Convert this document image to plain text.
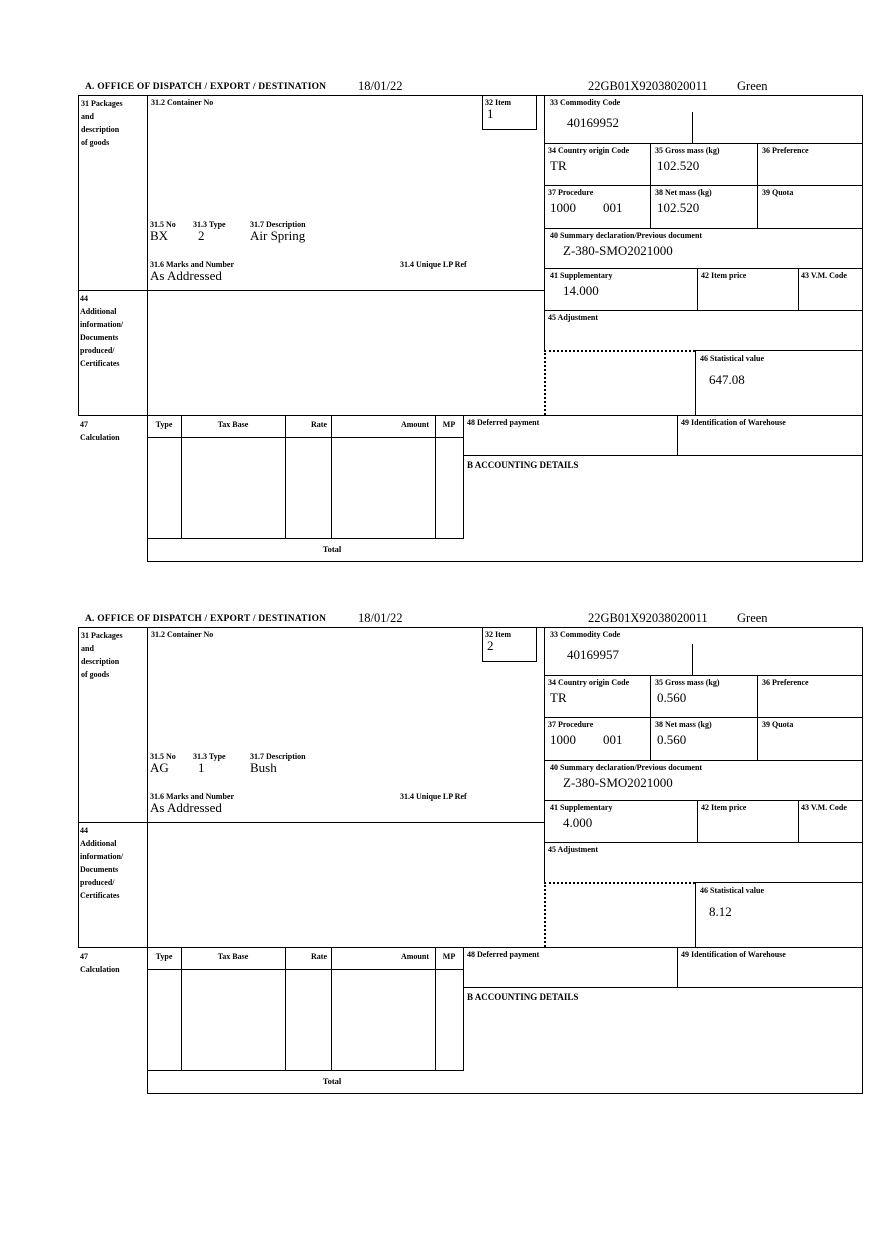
A. OFFICE OF DISPATCH / EXPORT / DESTINATION	18/01/22	22GB01X92038020011 Green
31 Packages
and
description
of goods
31.2 Container No	32 Item
1
33 Commodity Code
40169952
34 Country origin Code
TR
35 Gross mass (kg)
102.520
36 Preference
37 Procedure
1000 001
38 Net mass (kg)
102.520
39 Quota
31.5 No 31.3 Type	31.7 Description
BX 2	Air Spring
31.6 Marks and Number	31.4 Unique LP Ref
As Addressed
40 Summary declaration/Previous document
Z-380-SMO2021000
41 Supplementary
14.000
42 Item price	43 V.M. Code
44
Additional
information/
Documents
produced/
Certificates
45 Adjustment
46 Statistical value
647.08
47
Calculation
Type	Tax Base	Rate	Amount	MP	48 Deferred payment	49 Identification of Warehouse
B ACCOUNTING DETAILS
Total
A. OFFICE OF DISPATCH / EXPORT / DESTINATION	18/01/22	22GB01X92038020011 Green
31 Packages
and
description
of goods
31.2 Container No	32 Item
2
33 Commodity Code
40169957
34 Country origin Code
TR
35 Gross mass (kg)
0.560
36 Preference
37 Procedure
1000 001
38 Net mass (kg)
0.560
39 Quota
31.5 No 31.3 Type	31.7 Description
AG 1	Bush
31.6 Marks and Number	31.4 Unique LP Ref
As Addressed
40 Summary declaration/Previous document
Z-380-SMO2021000
41 Supplementary
4.000
42 Item price	43 V.M. Code
44
Additional
information/
Documents
produced/
Certificates
45 Adjustment
46 Statistical value
8.12
47
Calculation
Type	Tax Base	Rate	Amount	MP	48 Deferred payment	49 Identification of Warehouse
B ACCOUNTING DETAILS
Total
